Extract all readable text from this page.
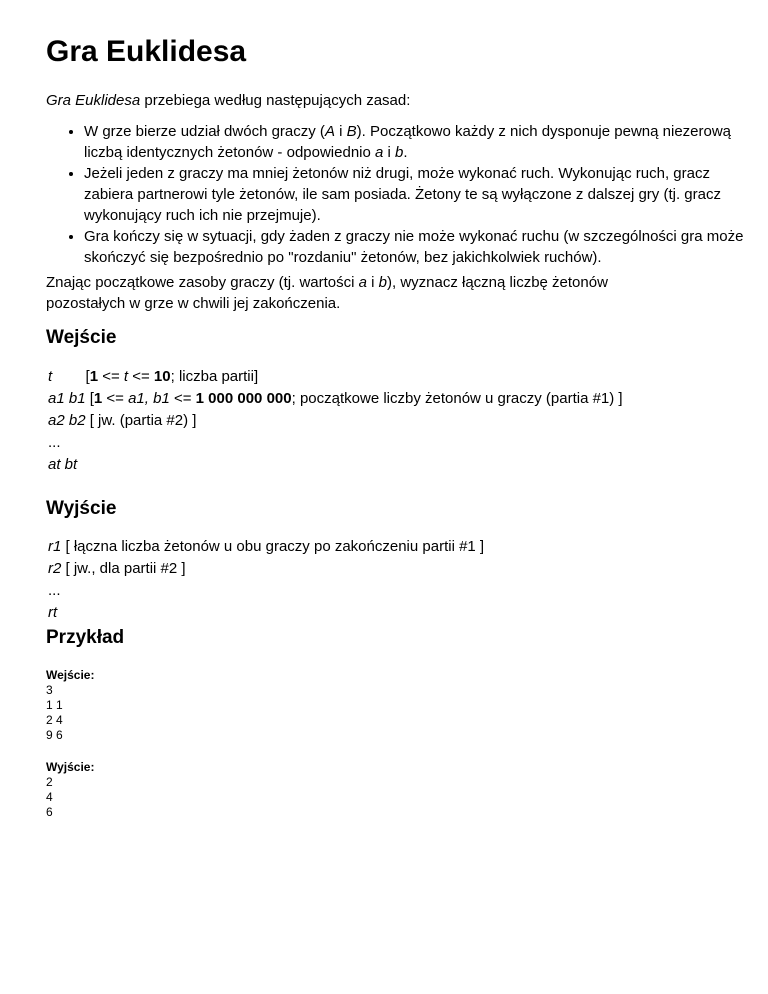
Gra Euklidesa

Gra Euklidesa przebiega według następujących zasad:

• W grze bierze udział dwóch graczy (A i B). Początkowo każdy z nich dysponuje pewną niezerową liczbą identycznych żetonów - odpowiednio a i b.
• Jeżeli jeden z graczy ma mniej żetonów niż drugi, może wykonać ruch. Wykonując ruch, gracz zabiera partnerowi tyle żetonów, ile sam posiada. Żetony te są wyłączone z dalszej gry (tj. gracz wykonujący ruch ich nie przejmuje).
• Gra kończy się w sytuacji, gdy żaden z graczy nie może wykonać ruchu (w szczególności gra może skończyć się bezpośrednio po "rozdaniu" żetonów, bez jakichkolwiek ruchów).

Znając początkowe zasoby graczy (tj. wartości a i b), wyznacz łączną liczbę żetonów pozostałych w grze w chwili jej zakończenia.

Wejście
t        [1 <= t <= 10; liczba partii]
a1 b1 [1 <= a1, b1 <= 1 000 000 000; początkowe liczby żetonów u graczy (partia #1) ]
a2 b2 [ jw. (partia #2) ]
...
at bt
Wyjście
r1 [ łączna liczba żetonów u obu graczy po zakończeniu partii #1 ]
r2 [ jw., dla partii #2 ]
...
rt
Przykład
Wejście:
3
1 1
2 4
9 6
Wyjście:
2
4
6
